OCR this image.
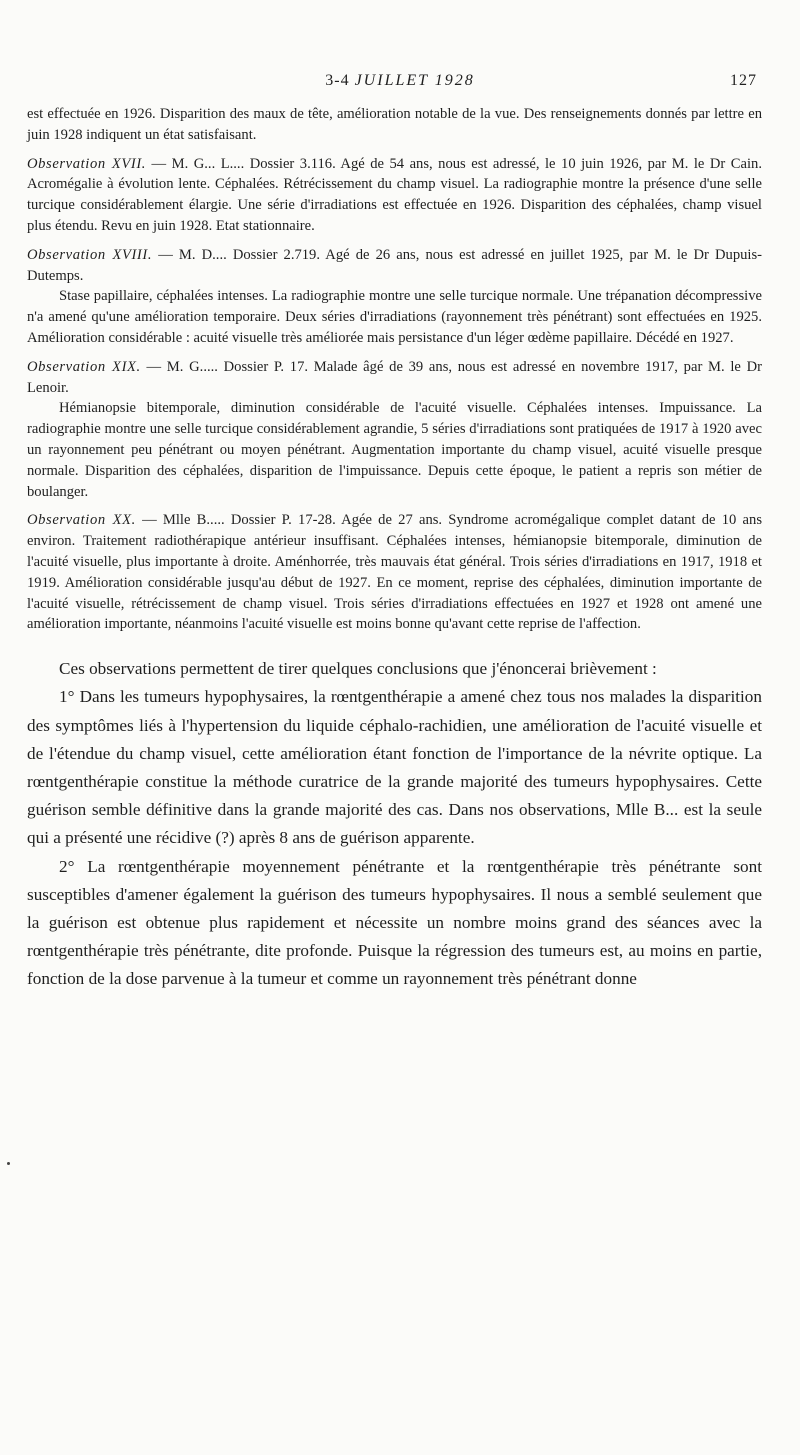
3-4 JUILLET 1928	127

est effectuée en 1926. Disparition des maux de tête, amélioration notable de la vue. Des renseignements donnés par lettre en juin 1928 indiquent un état satisfaisant.

Observation XVII. — M. G... L.... Dossier 3.116. Agé de 54 ans, nous est adressé, le 10 juin 1926, par M. le Dr Cain. Acromégalie à évolution lente. Céphalées. Rétrécissement du champ visuel. La radiographie montre la présence d'une selle turcique considérablement élargie. Une série d'irradiations est effectuée en 1926. Disparition des céphalées, champ visuel plus étendu. Revu en juin 1928. Etat stationnaire.

Observation XVIII. — M. D.... Dossier 2.719. Agé de 26 ans, nous est adressé en juillet 1925, par M. le Dr Dupuis-Dutemps.

Stase papillaire, céphalées intenses. La radiographie montre une selle turcique normale. Une trépanation décompressive n'a amené qu'une amélioration temporaire. Deux séries d'irradiations (rayonnement très pénétrant) sont effectuées en 1925. Amélioration considérable : acuité visuelle très améliorée mais persistance d'un léger œdème papillaire. Décédé en 1927.

Observation XIX. — M. G..... Dossier P. 17. Malade âgé de 39 ans, nous est adressé en novembre 1917, par M. le Dr Lenoir.

Hémianopsie bitemporale, diminution considérable de l'acuité visuelle. Céphalées intenses. Impuissance. La radiographie montre une selle turcique considérablement agrandie, 5 séries d'irradiations sont pratiquées de 1917 à 1920 avec un rayonnement peu pénétrant ou moyen pénétrant. Augmentation importante du champ visuel, acuité visuelle presque normale. Disparition des céphalées, disparition de l'impuissance. Depuis cette époque, le patient a repris son métier de boulanger.

Observation XX. — Mlle B..... Dossier P. 17-28. Agée de 27 ans. Syndrome acromégalique complet datant de 10 ans environ. Traitement radiothérapique antérieur insuffisant. Céphalées intenses, hémianopsie bitemporale, diminution de l'acuité visuelle, plus importante à droite. Aménhorrée, très mauvais état général. Trois séries d'irradiations en 1917, 1918 et 1919. Amélioration considérable jusqu'au début de 1927. En ce moment, reprise des céphalées, diminution importante de l'acuité visuelle, rétrécissement de champ visuel. Trois séries d'irradiations effectuées en 1927 et 1928 ont amené une amélioration importante, néanmoins l'acuité visuelle est moins bonne qu'avant cette reprise de l'affection.

Ces observations permettent de tirer quelques conclusions que j'énoncerai brièvement :

1° Dans les tumeurs hypophysaires, la rœntgenthérapie a amené chez tous nos malades la disparition des symptômes liés à l'hypertension du liquide céphalo-rachidien, une amélioration de l'acuité visuelle et de l'étendue du champ visuel, cette amélioration étant fonction de l'importance de la névrite optique. La rœntgenthérapie constitue la méthode curatrice de la grande majorité des tumeurs hypophysaires. Cette guérison semble définitive dans la grande majorité des cas. Dans nos observations, Mlle B... est la seule qui a présenté une récidive (?) après 8 ans de guérison apparente.

2° La rœntgenthérapie moyennement pénétrante et la rœntgenthérapie très pénétrante sont susceptibles d'amener également la guérison des tumeurs hypophysaires. Il nous a semblé seulement que la guérison est obtenue plus rapidement et nécessite un nombre moins grand des séances avec la rœntgenthérapie très pénétrante, dite profonde. Puisque la régression des tumeurs est, au moins en partie, fonction de la dose parvenue à la tumeur et comme un rayonnement très pénétrant donne
